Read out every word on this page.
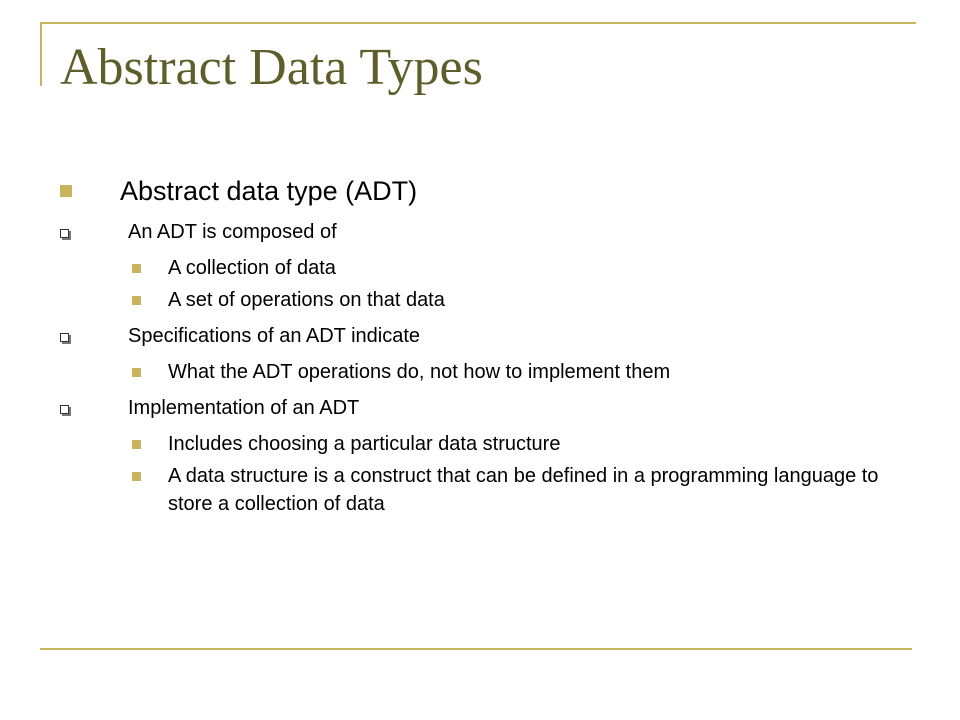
Abstract Data Types
Abstract data type (ADT)
An ADT is composed of
A collection of data
A set of operations on that data
Specifications of an ADT indicate
What the ADT operations do, not how to implement them
Implementation of an ADT
Includes choosing a particular data structure
A data structure is a construct that can be defined in a programming language to store a collection of data
